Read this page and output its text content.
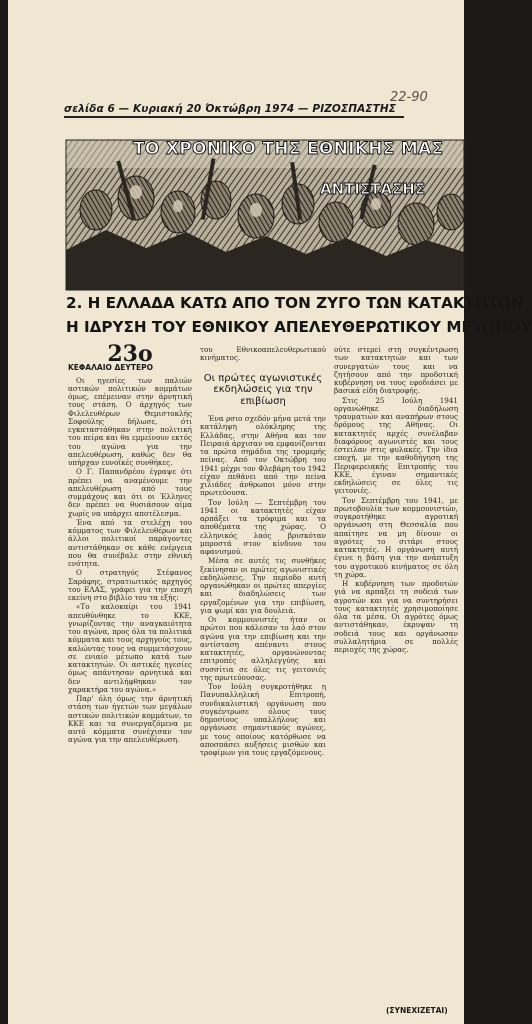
22-90
σελίδα 6 — Κυριακή 20 Όκτώβρη 1974 — ΡΙΖΟΣΠΑΣΤΗΣ
ΤΟ ΧΡΟΝΙΚΟ ΤΗΣ ΕΘΝΙΚΗΣ ΜΑΣ
ΑΝΤΙΣΤΑΣΗΣ
2. Η ΕΛΛΑΔΑ ΚΑΤΩ ΑΠΟ ΤΟΝ ΖΥΓΟ ΤΩΝ ΚΑΤΑΚΤΗΤΩΝ
Η ΙΔΡΥΣΗ ΤΟΥ ΕΘΝΙΚΟΥ ΑΠΕΛΕΥΘΕΡΩΤΙΚΟΥ ΜΕΤΩΠΟΥ
23ο
ΚΕΦΑΛΑΙΟ ΔΕΥΤΕΡΟ

Οι ηγεσίες των παλιών αστικών πολιτικών κομμάτων όμως, επέμειναν στην άρνητική τους στάση. Ο άρχηγός των Φιλελευθέρων Θεμιστοκλής Σοφούλης δήλωσε, ότι εγκαταστάθηκαν στην πολιτική του πείρα και θα εμμείνουν εκτός του αγώνα για την απελευθέρωση, καθώς δεν θα υπήρχαν ευνοϊκές συνθήκες.

Ο Γ. Παπανδρέου έγραψε ότι πρέπει να αναμένουμε την απελευθέρωση από τους συμμάχους και ότι οι Έλληνες δεν πρέπει να θυσιάσουν αίμα χωρίς να υπάρχει αποτέλεσμα.

Ένα από τα στελέχη του κόμματος των Φιλελευθέρων και άλλοι πολιτικοί παράγοντες αντιστάθηκαν σε κάθε ενέργεια που θα συνέβαλε στην εθνική ενότητα.

Ο στρατηγός Στέφανος Σαράφης, στρατιωτικός αρχηγός του ΕΛΑΣ, γράφει για την εποχή εκείνη στο βιβλίο του τα εξής:

«Το καλοκαίρι του 1941 απευθύνθηκε το ΚΚΕ, γνωρίζοντας την αναγκαιότητα του αγώνα, προς όλα τα πολιτικά κόμματα και τους αρχηγούς τους, καλώντας τους να συμμετάσχουν σε ενιαίο μέτωπο κατά των κατακτητών. Οι αστικές ηγεσίες όμως απάντησαν αρνητικά και δεν αντιλήφθηκαν τον χαρακτήρα του αγώνα.»

Παρ' όλη όμως την άρνητική στάση των ήγετών των μεγάλων αστικών πολιτικών κομμάτων, το ΚΚΕ και τα συνεργαζόμενα με αυτό κόμματα συνέχισαν τον αγώνα για την απελευθέρωση.

του Εθνικοαπελευθερωτικού κινήματος.

Οι πρώτες αγωνιστικές εκδηλώσεις για την επιβίωση

Ένα ρσιο σχεδόν μήνα μετά την κατάληψη ολόκληρης της Ελλάδας, στην Αθήνα και τον Πειραιά άρχισαν να εμφανίζονται τα πρώτα σημάδια της τρομερής πείνας. Από τον Οκτώβρη του 1941 μέχρι τον Φλεβάρη του 1942 είχαν πεθάνει από την πείνα χιλιάδες άνθρωποι μόνο στην πρωτεύουσα.

Τον Ιούλη — Σεπτέμβρη του 1941 οι κατακτητές είχαν αρπάξει τα τρόφιμα και τα αποθέματα της χώρας. Ο ελληνικός λαός βρισκόταν μπροστά στον κίνδυνο του αφανισμού.

Μέσα σε αυτές τις συνθήκες ξεκίνησαν οι πρώτες αγωνιστικές εκδηλώσεις. Την περίοδο αυτή οργανώθηκαν οι πρώτες απεργίες και διαδηλώσεις των εργαζομένων για την επιβίωση, για ψωμί και για δουλειά.

Οι κομμουνιστές ήταν οι πρώτοι που κάλεσαν το λαό στον αγώνα για την επιβίωση και την αντίσταση απέναντι στους κατακτητές, οργανώνοντας επιτροπές αλληλεγγύης και συσσίτια σε όλες τις γειτονιές της πρωτεύουσας.

Τον Ιούλη συγκροτήθηκε η Πανυπαλληλική Επιτροπή, συνδικαλιστική οργάνωση που συγκέντρωσε όλους τους δημοσίους υπαλλήλους και οργάνωσε σημαντικούς αγώνες, με τους οποίους κατόρθωσε να αποσπάσει αυξήσεις μισθών και τροφίμων για τους εργαζόμενους.

ούτε στερεί στη συγκέντρωση των κατακτητών και των συνεργατών τους και να ζητήσουν από την προδοτική κυβέρνηση να τους εφοδιάσει με βασικά είδη διατροφής.

Στις 25 Ιούλη 1941 οργανώθηκε διαδήλωση τραυματιών και αναπήρων στους δρόμους της Αθήνας. Οι κατακτητές αρχές συνέλαβαν διαφόρους αγωνιστές και τους έστειλαν στις φυλακές. Την ίδια εποχή, με την καθοδήγηση της Περιφερειακής Επιτροπής του ΚΚΕ, έγιναν σημαντικές εκδηλώσεις σε όλες τις γειτονιές.

Τον Σεπτέμβρη του 1941, με πρωτοβουλία των κομμουνιστών, συγκροτήθηκε αγροτική οργάνωση στη Θεσσαλία που απαίτησε να μη δίνουν οι αγρότες το σιτάρι στους κατακτητές. Η οργάνωση αυτή έγινε η βάση για την ανάπτυξη του αγροτικού κινήματος σε όλη τη χώρα.

Η κυβέρνηση των προδοτών γιά να αρπάξει τη σοδειά των αγροτών και για να συντηρήσει τους κατακτητές χρησιμοποίησε όλα τα μέσα. Οι αγρότες όμως αντιστάθηκαν, έκρυψαν τη σοδειά τους και οργάνωσαν συλλαλητήρια σε πολλές περιοχές της χώρας.

(ΣΥΝΕΧΙΖΕΤΑΙ)
